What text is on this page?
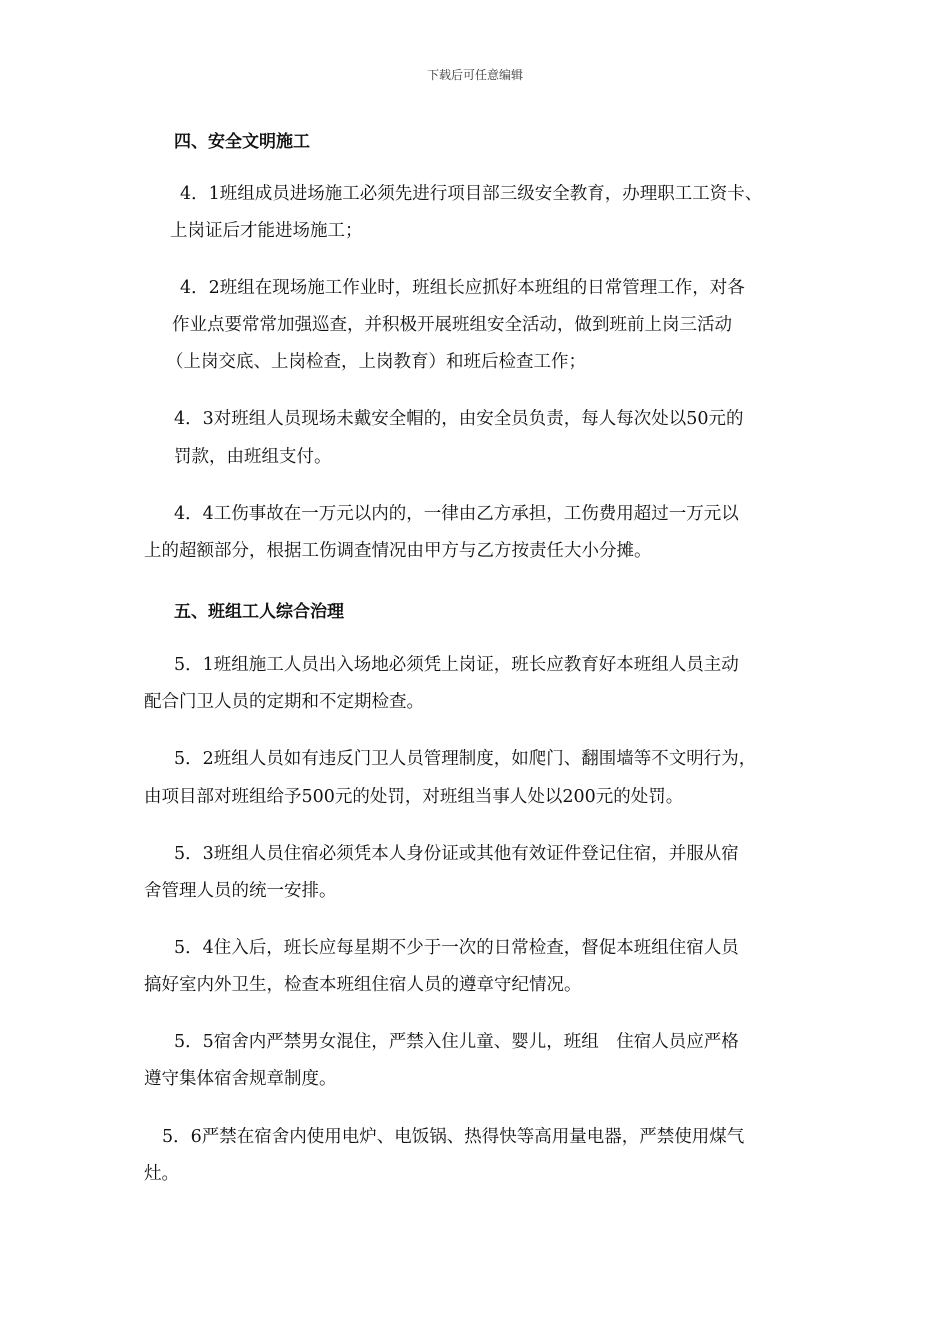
下载后可任意编辑
四、安全文明施工
4．1班组成员进场施工必须先进行项目部三级安全教育，办理职工工资卡、
上岗证后才能进场施工；
4．2班组在现场施工作业时，班组长应抓好本班组的日常管理工作，对各
作业点要常常加强巡查，并积极开展班组安全活动，做到班前上岗三活动
（上岗交底、上岗检查，上岗教育）和班后检查工作；
4．3对班组人员现场未戴安全帽的，由安全员负责，每人每次处以50元的
罚款，由班组支付。
4．4工伤事故在一万元以内的，一律由乙方承担，工伤费用超过一万元以
上的超额部分，根据工伤调查情况由甲方与乙方按责任大小分摊。
五、班组工人综合治理
5．1班组施工人员出入场地必须凭上岗证，班长应教育好本班组人员主动
配合门卫人员的定期和不定期检查。
5．2班组人员如有违反门卫人员管理制度，如爬门、翻围墙等不文明行为，
由项目部对班组给予500元的处罚，对班组当事人处以200元的处罚。
5．3班组人员住宿必须凭本人身份证或其他有效证件登记住宿，并服从宿
舍管理人员的统一安排。
5．4住入后，班长应每星期不少于一次的日常检查，督促本班组住宿人员
搞好室内外卫生，检查本班组住宿人员的遵章守纪情况。
5．5宿舍内严禁男女混住，严禁入住儿童、婴儿，班组　住宿人员应严格
遵守集体宿舍规章制度。
5．6严禁在宿舍内使用电炉、电饭锅、热得快等高用量电器，严禁使用煤气
灶。
